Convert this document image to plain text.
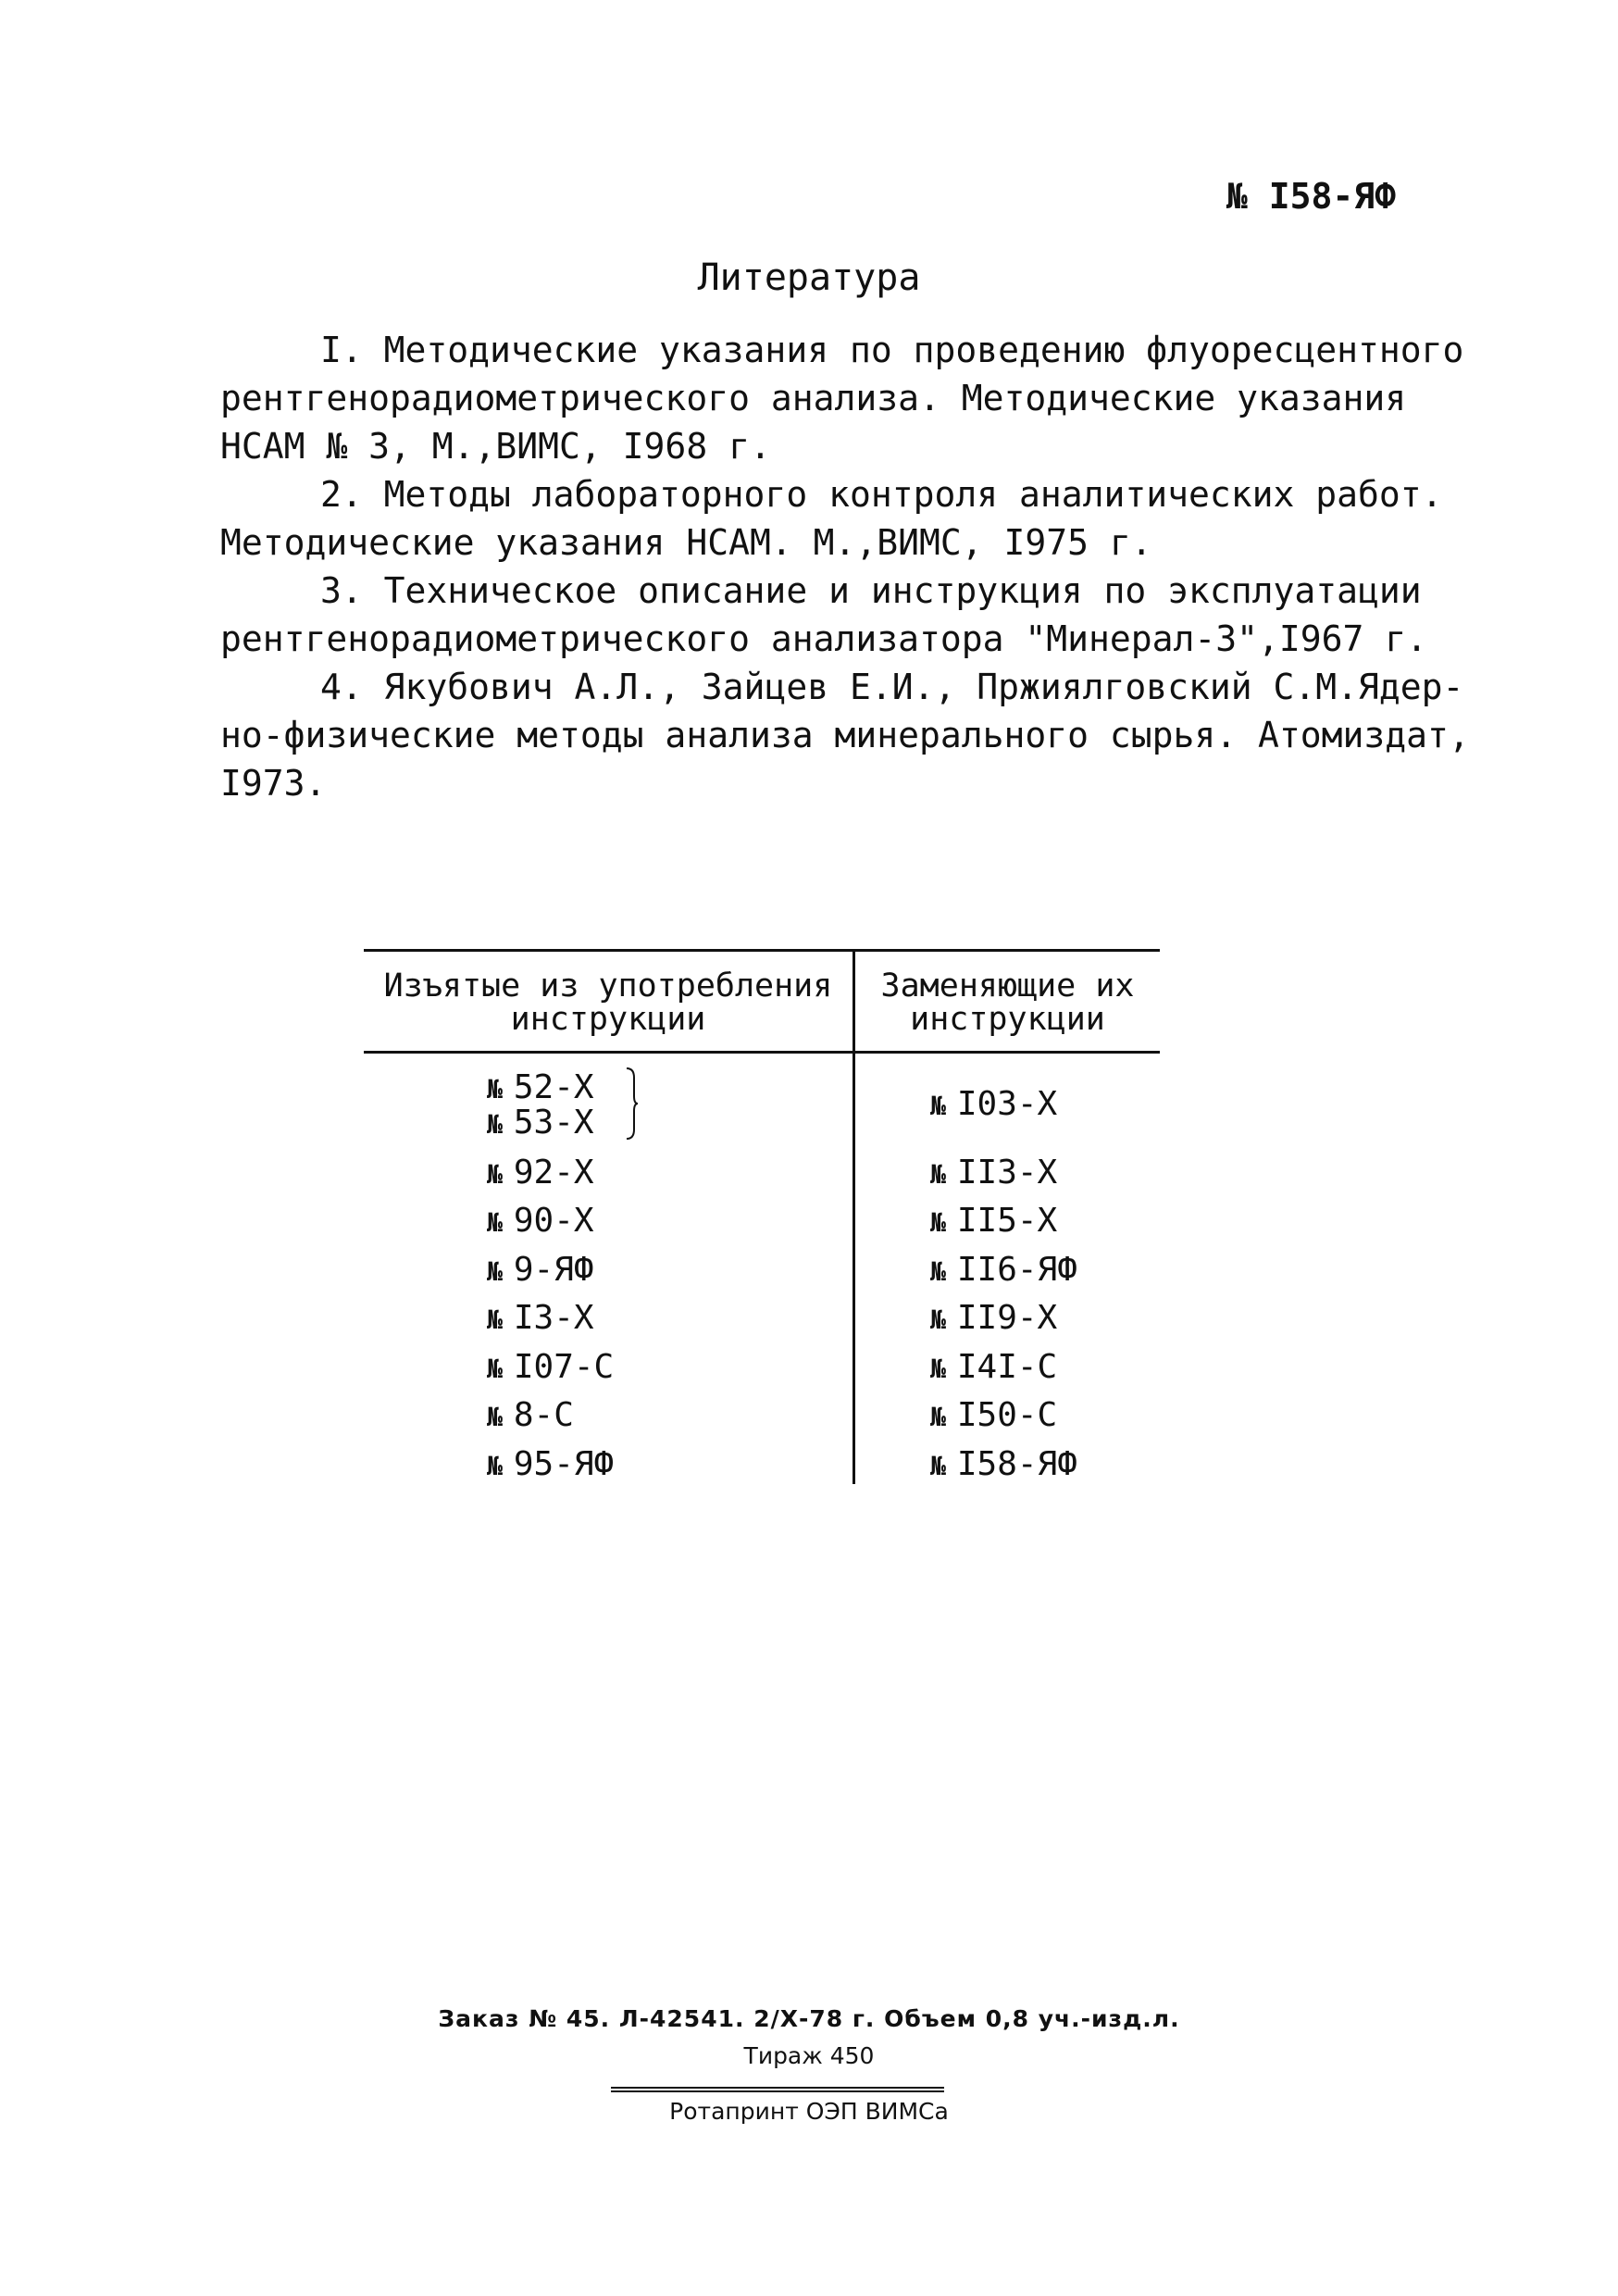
№ I58-ЯФ
Литература
I. Методические указания по проведению флуоресцентного
рентгенорадиометрического анализа. Методические указания
НСАМ № 3, М.,ВИМС, I968 г.
2. Методы лабораторного контроля аналитических работ.
Методические указания НСАМ. М.,ВИМС, I975 г.
3. Техническое описание и инструкция по эксплуатации
рентгенорадиометрического анализатора "Минерал-3",I967 г.
4. Якубович А.Л., Зайцев Е.И., Пржиялговский С.М.Ядер-
но-физические методы анализа минерального сырья. Атомиздат,
I973.
Изъятые из употребления
инструкции
Заменяющие их
инструкции
№ 52-Х
№ 53-Х
№ 92-Х
№ 90-Х
№ 9-ЯФ
№ I3-Х
№ I07-С
№ 8-С
№ 95-ЯФ
№ I03-Х
№ II3-Х
№ II5-Х
№ II6-ЯФ
№ II9-Х
№ I4I-С
№ I50-С
№ I58-ЯФ
Заказ № 45. Л-42541. 2/Х-78 г. Объем 0,8 уч.-изд.л.
Тираж 450
Ротапринт ОЭП ВИМСа
